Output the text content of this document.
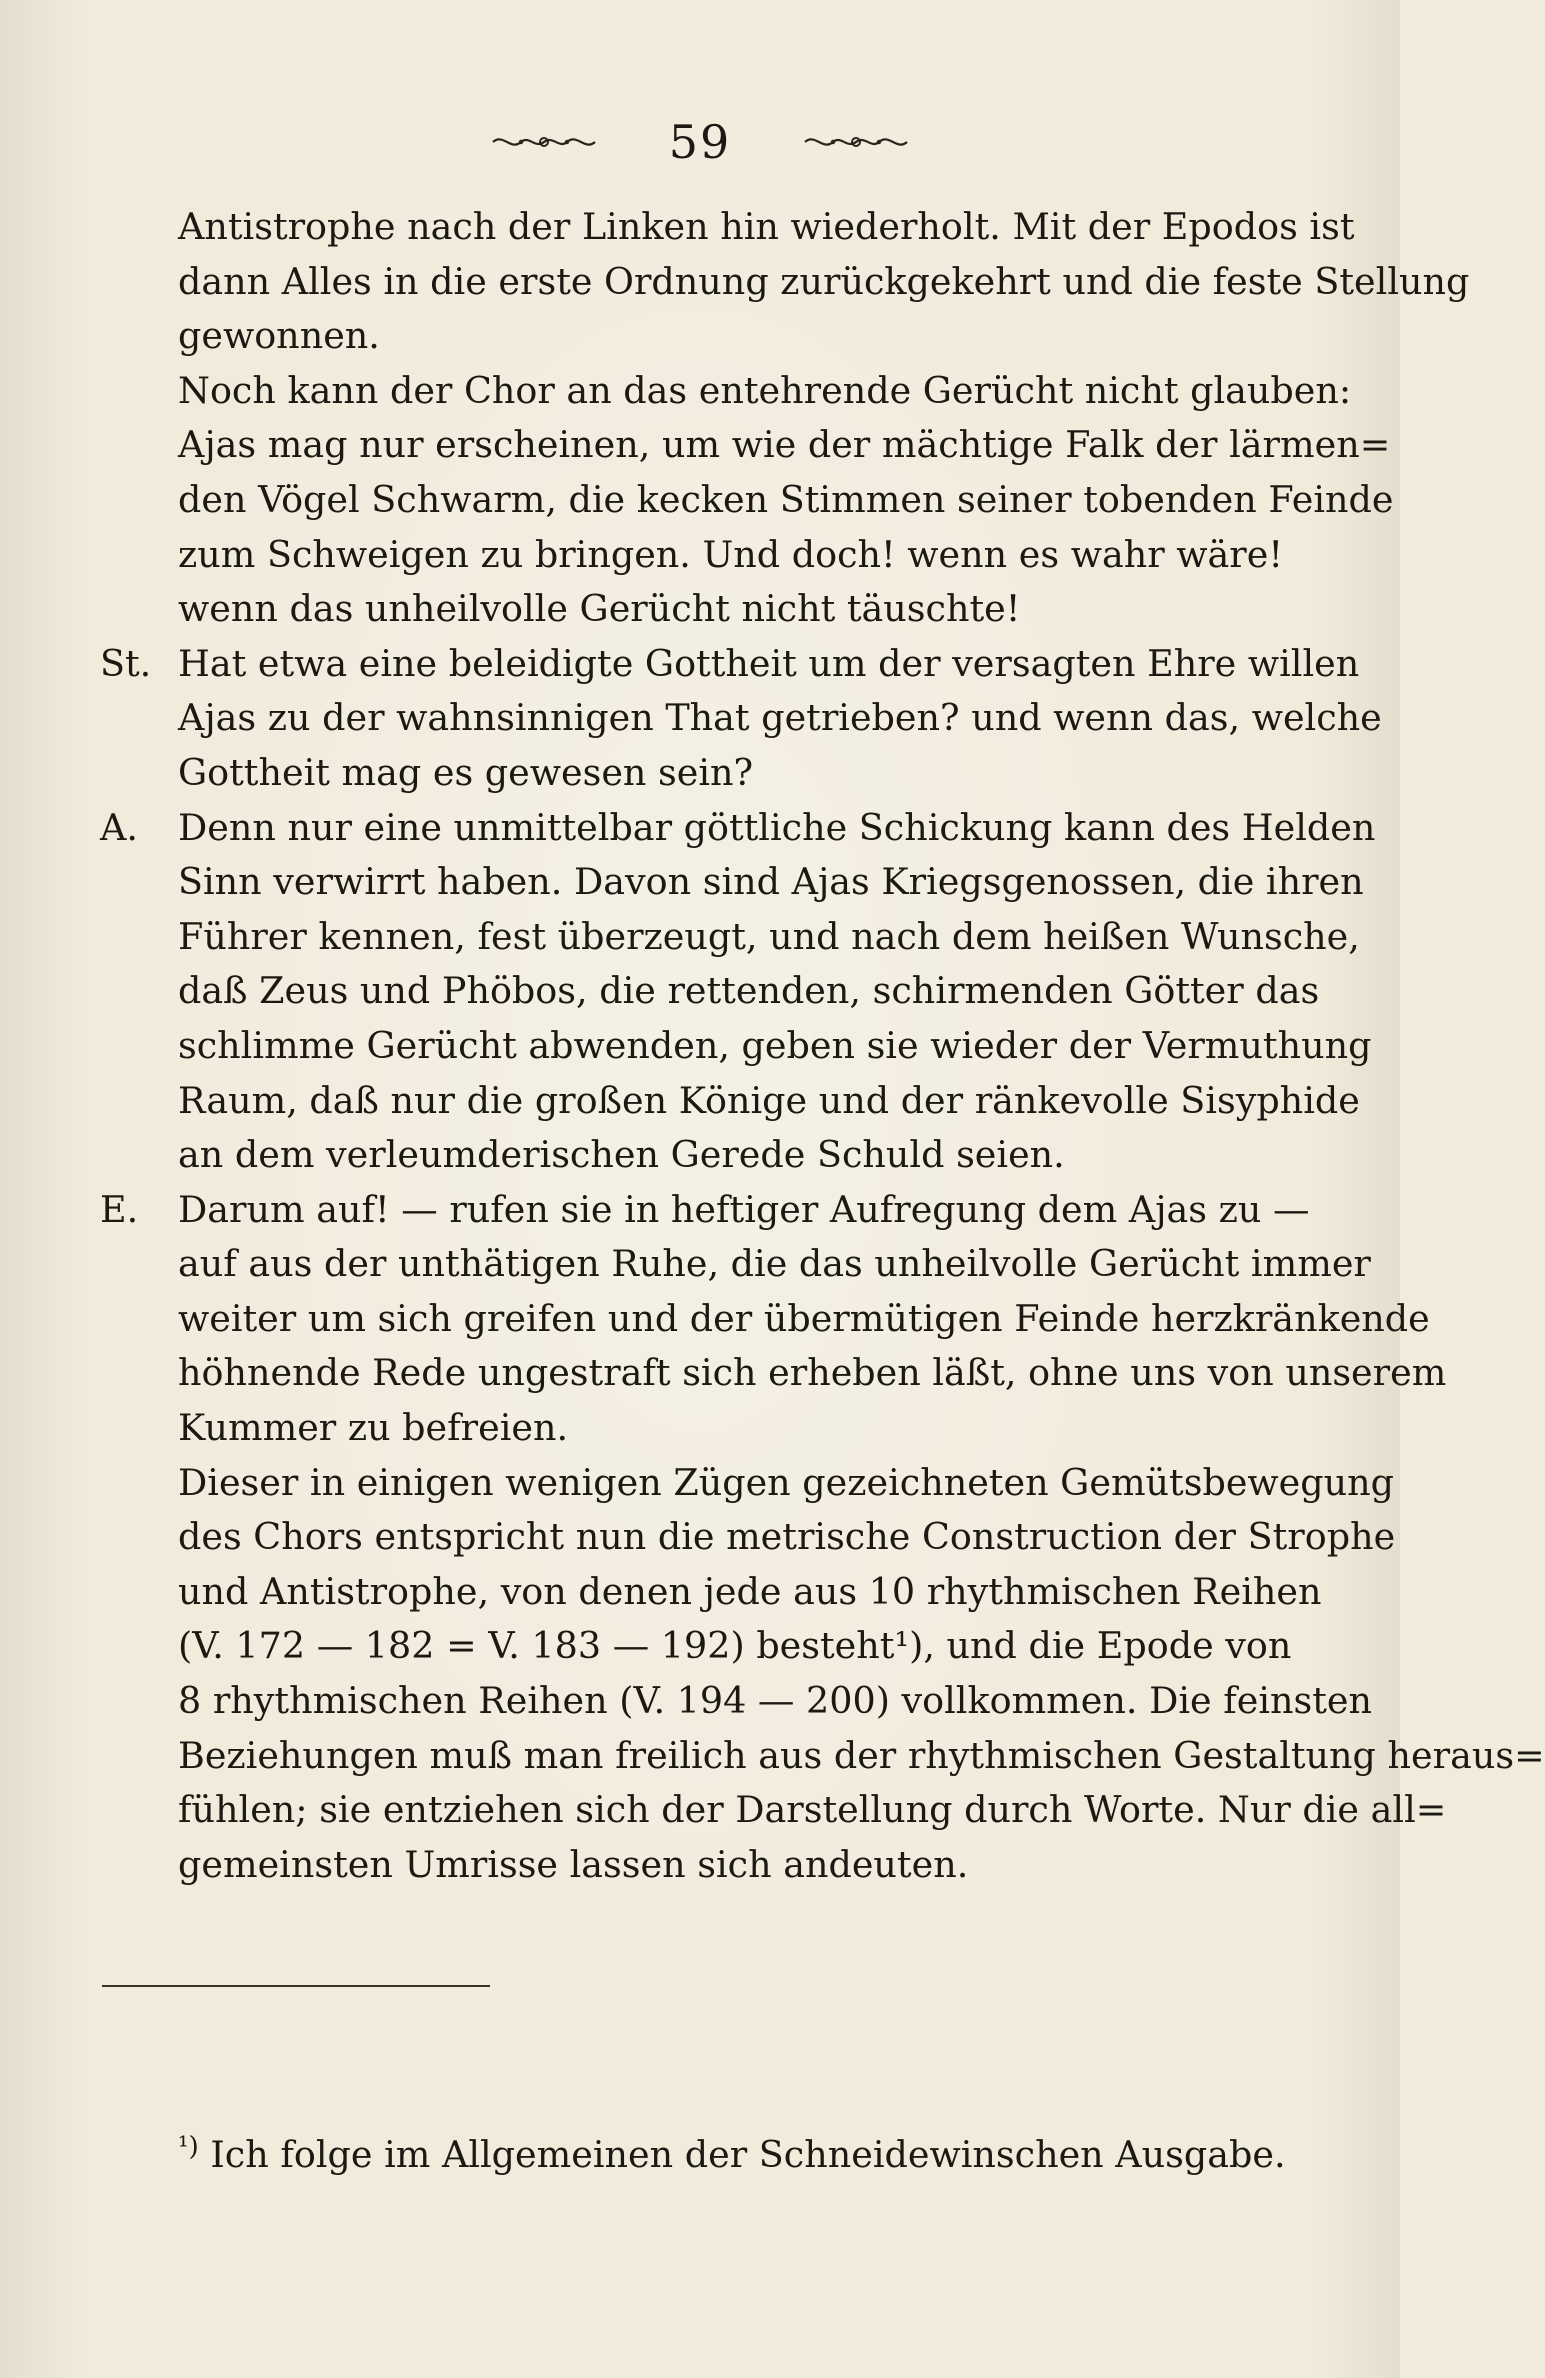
59
Antistrophe nach der Linken hin wiederholt. Mit der Epodos ist
dann Alles in die erste Ordnung zurückgekehrt und die feste Stellung
gewonnen.
Noch kann der Chor an das entehrende Gerücht nicht glauben:
Ajas mag nur erscheinen, um wie der mächtige Falk der lärmen=
den Vögel Schwarm, die kecken Stimmen seiner tobenden Feinde
zum Schweigen zu bringen. Und doch! wenn es wahr wäre!
wenn das unheilvolle Gerücht nicht täuschte!
St. Hat etwa eine beleidigte Gottheit um der versagten Ehre willen
Ajas zu der wahnsinnigen That getrieben? und wenn das, welche
Gottheit mag es gewesen sein?
A. Denn nur eine unmittelbar göttliche Schickung kann des Helden
Sinn verwirrt haben. Davon sind Ajas Kriegsgenossen, die ihren
Führer kennen, fest überzeugt, und nach dem heißen Wunsche,
daß Zeus und Phöbos, die rettenden, schirmenden Götter das
schlimme Gerücht abwenden, geben sie wieder der Vermuthung
Raum, daß nur die großen Könige und der ränkevolle Sisyphide
an dem verleumderischen Gerede Schuld seien.
E. Darum auf! — rufen sie in heftiger Aufregung dem Ajas zu —
auf aus der unthätigen Ruhe, die das unheilvolle Gerücht immer
weiter um sich greifen und der übermütigen Feinde herzkränkende
höhnende Rede ungestraft sich erheben läßt, ohne uns von unserem
Kummer zu befreien.
Dieser in einigen wenigen Zügen gezeichneten Gemütsbewegung
des Chors entspricht nun die metrische Construction der Strophe
und Antistrophe, von denen jede aus 10 rhythmischen Reihen
(V. 172 — 182 = V. 183 — 192) besteht¹), und die Epode von
8 rhythmischen Reihen (V. 194 — 200) vollkommen. Die feinsten
Beziehungen muß man freilich aus der rhythmischen Gestaltung heraus=
fühlen; sie entziehen sich der Darstellung durch Worte. Nur die all=
gemeinsten Umrisse lassen sich andeuten.
$^{^1)}$ Ich folge im Allgemeinen der Schneidewinschen Ausgabe.
